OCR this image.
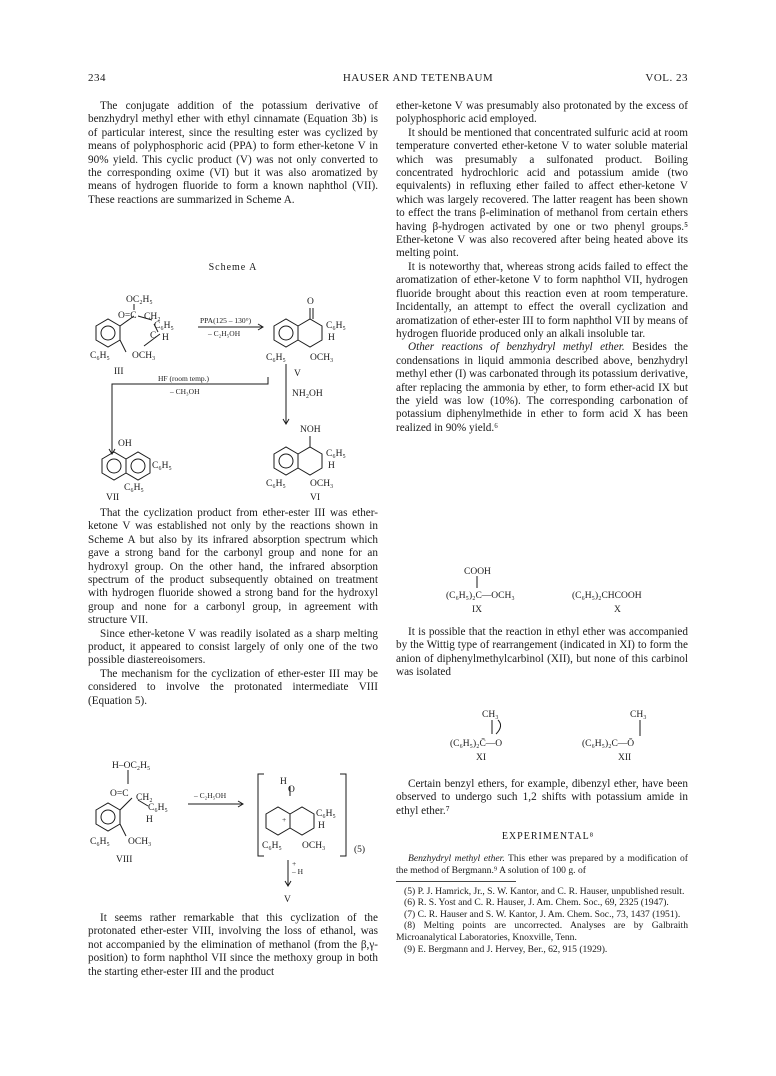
234	HAUSER AND TETENBAUM	VOL. 23

The conjugate addition of the potassium derivative of benzhydryl methyl ether with ethyl cinnamate (Equation 3b) is of particular interest, since the resulting ester was cyclized by means of polyphosphoric acid (PPA) to form ether-ketone V in 90% yield. This cyclic product (V) was not only converted to the corresponding oxime (VI) but it was also aromatized by means of hydrogen fluoride to form a known naphthol (VII). These reactions are summarized in Scheme A.

Scheme A
OC₂H₅
O=C CH₂
C₆H₅
C H
C₆H₅ OCH₃
PPA(125 – 130°)
– C₂H₅OH
O
C₆H₅
H
C₆H₅	OCH₃
III	V
HF (room temp.)
– CH₃OH	NH₂OH
NOH
OH
C₆H₅
C₆H₅
VII
C₆H₅
H
C₆H₅	OCH₃
VI

That the cyclization product from ether-ester III was ether-ketone V was established not only by the reactions shown in Scheme A but also by its infrared absorption spectrum which gave a strong band for the carbonyl group and none for an hydroxyl group. On the other hand, the infrared absorption spectrum of the product subsequently obtained on treatment with hydrogen fluoride showed a strong band for the hydroxyl group and none for a carbonyl group, in agreement with structure VII.

Since ether-ketone V was readily isolated as a sharp melting product, it appeared to consist largely of only one of the two possible diastereoisomers.

The mechanism for the cyclization of ether-ester III may be considered to involve the protonated intermediate VIII (Equation 5).

H–OC₂H₅
O=C CH₂
C₆H₅
H
C₆H₅ OCH₃
– C₂H₅OH
H
O
+
C₆H₅
H
C₆H₅ OCH₃	(5)
VIII
– H
+
V

It seems rather remarkable that this cyclization of the protonated ether-ester VIII, involving the loss of ethanol, was not accompanied by the elimination of methanol (from the β,γ-position) to form naphthol VII since the methoxy group in both the starting ether-ester III and the product

ether-ketone V was presumably also protonated by the excess of polyphosphoric acid employed.

It should be mentioned that concentrated sulfuric acid at room temperature converted ether-ketone V to water soluble material which was presumably a sulfonated product. Boiling concentrated hydrochloric acid and potassium amide (two equivalents) in refluxing ether failed to affect ether-ketone V which was largely recovered. The latter reagent has been shown to effect the trans β-elimination of methanol from certain ethers having β-hydrogen activated by one or two phenyl groups.⁵ Ether-ketone V was also recovered after being heated above its melting point.

It is noteworthy that, whereas strong acids failed to effect the aromatization of ether-ketone V to form naphthol VII, hydrogen fluoride brought about this reaction even at room temperature. Incidentally, an attempt to effect the overall cyclization and aromatization of ether-ester III to form naphthol VII by means of hydrogen fluoride produced only an alkali insoluble tar.

Other reactions of benzhydryl methyl ether. Besides the condensations in liquid ammonia described above, benzhydryl methyl ether (I) was carbonated through its potassium derivative, after replacing the ammonia by ether, to form ether-acid IX but the yield was low (10%). The corresponding carbonation of potassium diphenylmethide in ether to form acid X has been realized in 90% yield.⁶

COOH
(C₆H₅)₂C—OCH₃	(C₆H₅)₂CHCOOH
IX	X

It is possible that the reaction in ethyl ether was accompanied by the Wittig type of rearrangement (indicated in XI) to form the anion of diphenylmethylcarbinol (XII), but none of this carbinol was isolated

CH₃	CH₃
(C₆H₅)₂C̄—O	(C₆H₅)₂C—Ō
XI	XII

Certain benzyl ethers, for example, dibenzyl ether, have been observed to undergo such 1,2 shifts with potassium amide in ethyl ether.⁷

EXPERIMENTAL⁸

Benzhydryl methyl ether. This ether was prepared by a modification of the method of Bergmann.⁹ A solution of 100 g. of

(5) P. J. Hamrick, Jr., S. W. Kantor, and C. R. Hauser, unpublished result.

(6) R. S. Yost and C. R. Hauser, J. Am. Chem. Soc., 69, 2325 (1947).

(7) C. R. Hauser and S. W. Kantor, J. Am. Chem. Soc., 73, 1437 (1951).

(8) Melting points are uncorrected. Analyses are by Galbraith Microanalytical Laboratories, Knoxville, Tenn.

(9) E. Bergmann and J. Hervey, Ber., 62, 915 (1929).
